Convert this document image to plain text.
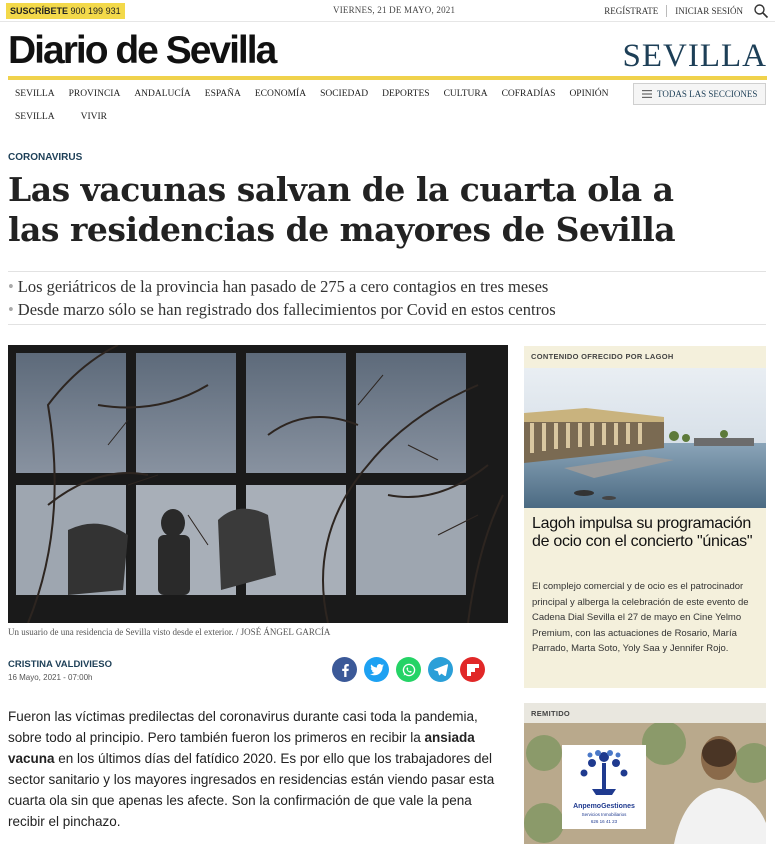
SUSCRÍBETE 900 199 931	VIERNES, 21 DE MAYO, 2021	REGÍSTRATE INICIAR SESIÓN
Diario de Sevilla	SEVILLA
SEVILLA	PROVINCIA	ANDALUCÍA	ESPAÑA	ECONOMÍA	SOCIEDAD	DEPORTES	CULTURA	COFRADÍAS	OPINIÓN
SEVILLA	VIVIR
TODAS LAS SECCIONES
CORONAVIRUS
Las vacunas salvan de la cuarta ola a las residencias de mayores de Sevilla
• Los geriátricos de la provincia han pasado de 275 a cero contagios en tres meses
• Desde marzo sólo se han registrado dos fallecimientos por Covid en estos centros
Un usuario de una residencia de Sevilla visto desde el exterior. / JOSÉ ÁNGEL GARCÍA
CRISTINA VALDIVIESO
16 Mayo, 2021 - 07:00h

Fueron las víctimas predilectas del coronavirus durante casi toda la pandemia, sobre todo al principio. Pero también fueron los primeros en recibir la ansiada vacuna en los últimos días del fatídico 2020. Es por ello que los trabajadores del sector sanitario y los mayores ingresados en residencias están viendo pasar esta cuarta ola sin que apenas les afecte. Son la confirmación de que vale la pena recibir el pinchazo.

CONTENIDO OFRECIDO POR LAGOH
Lagoh impulsa su programación de ocio con el concierto "únicas"
El complejo comercial y de ocio es el patrocinador principal y alberga la celebración de este evento de Cadena Dial Sevilla el 27 de mayo en Cine Yelmo Premium, con las actuaciones de Rosario, María Parrado, Marta Soto, Yoly Saa y Jennifer Rojo.
REMITIDO
AnpemoGestiones
Servicios Inmobiliarios
626 16 41 23
